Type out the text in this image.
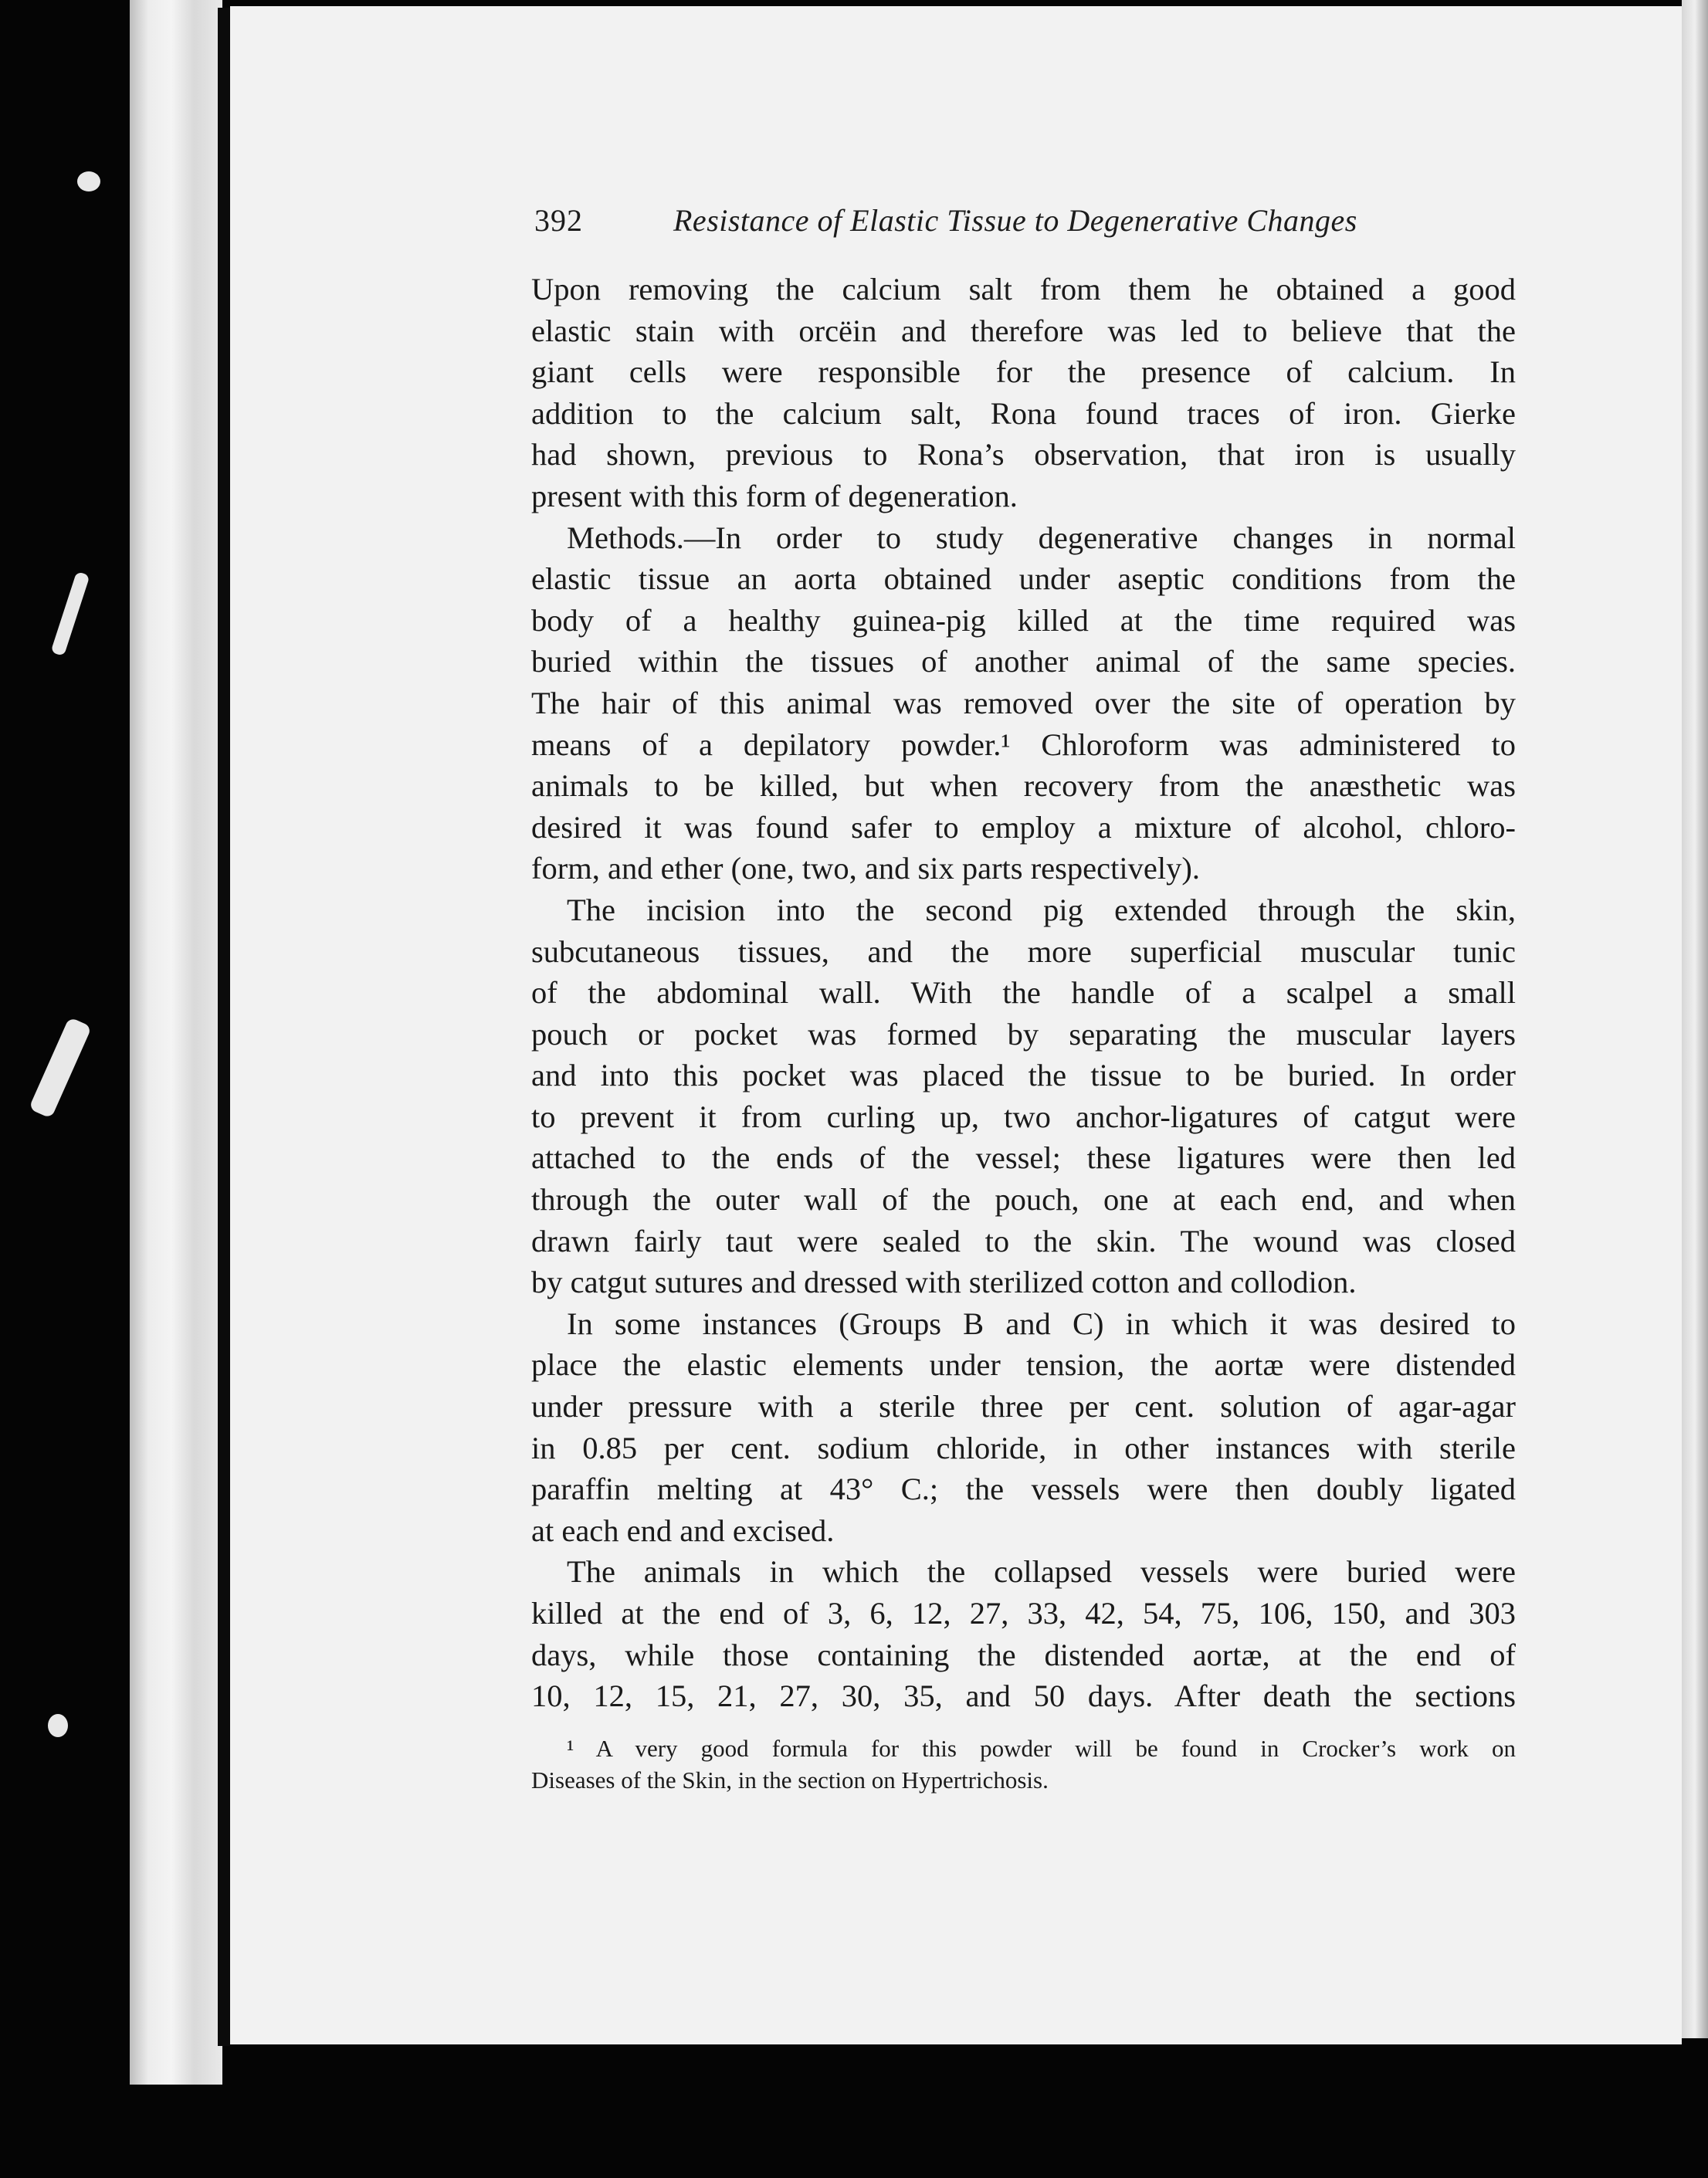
392	Resistance of Elastic Tissue to Degenerative Changes
Upon removing the calcium salt from them he obtained a good
elastic stain with orcëin and therefore was led to believe that the
giant cells were responsible for the presence of calcium. In
addition to the calcium salt, Rona found traces of iron. Gierke
had shown, previous to Rona’s observation, that iron is usually
present with this form of degeneration.
Methods.—In order to study degenerative changes in normal
elastic tissue an aorta obtained under aseptic conditions from the
body of a healthy guinea-pig killed at the time required was
buried within the tissues of another animal of the same species.
The hair of this animal was removed over the site of operation by
means of a depilatory powder.¹ Chloroform was administered to
animals to be killed, but when recovery from the anæsthetic was
desired it was found safer to employ a mixture of alcohol, chloro-
form, and ether (one, two, and six parts respectively).
The incision into the second pig extended through the skin,
subcutaneous tissues, and the more superficial muscular tunic
of the abdominal wall. With the handle of a scalpel a small
pouch or pocket was formed by separating the muscular layers
and into this pocket was placed the tissue to be buried. In order
to prevent it from curling up, two anchor-ligatures of catgut were
attached to the ends of the vessel; these ligatures were then led
through the outer wall of the pouch, one at each end, and when
drawn fairly taut were sealed to the skin. The wound was closed
by catgut sutures and dressed with sterilized cotton and collodion.
In some instances (Groups B and C) in which it was desired to
place the elastic elements under tension, the aortæ were distended
under pressure with a sterile three per cent. solution of agar-agar
in 0.85 per cent. sodium chloride, in other instances with sterile
paraffin melting at 43° C.; the vessels were then doubly ligated
at each end and excised.
The animals in which the collapsed vessels were buried were
killed at the end of 3, 6, 12, 27, 33, 42, 54, 75, 106, 150, and 303
days, while those containing the distended aortæ, at the end of
10, 12, 15, 21, 27, 30, 35, and 50 days. After death the sections
¹ A very good formula for this powder will be found in Crocker’s work on
Diseases of the Skin, in the section on Hypertrichosis.
